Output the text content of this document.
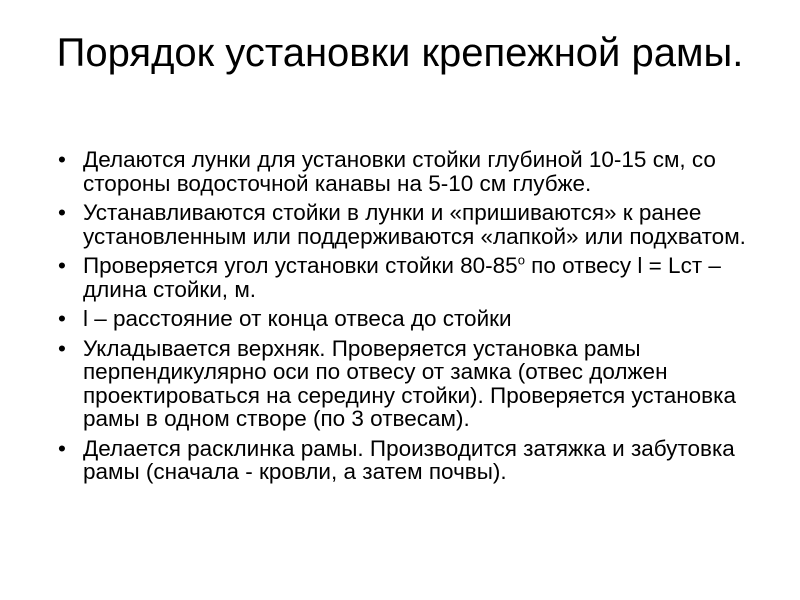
Порядок установки крепежной рамы.
• Делаются лунки для установки стойки глубиной 10-15 см, со стороны водосточной канавы на 5-10 см глубже.
• Устанавливаются стойки в лунки и «пришиваются» к ранее установленным или поддерживаются «лапкой» или подхватом.
• Проверяется угол установки стойки $80-85^о$ по отвесу l = Lст – длина стойки, м.
• l – расстояние от конца отвеса до стойки
• Укладывается верхняк. Проверяется установка рамы перпендикулярно оси по отвесу от замка (отвес должен проектироваться на середину стойки). Проверяется установка рамы в одном створе (по 3 отвесам).
• Делается расклинка рамы. Производится затяжка и забутовка рамы (сначала - кровли, а затем почвы).
